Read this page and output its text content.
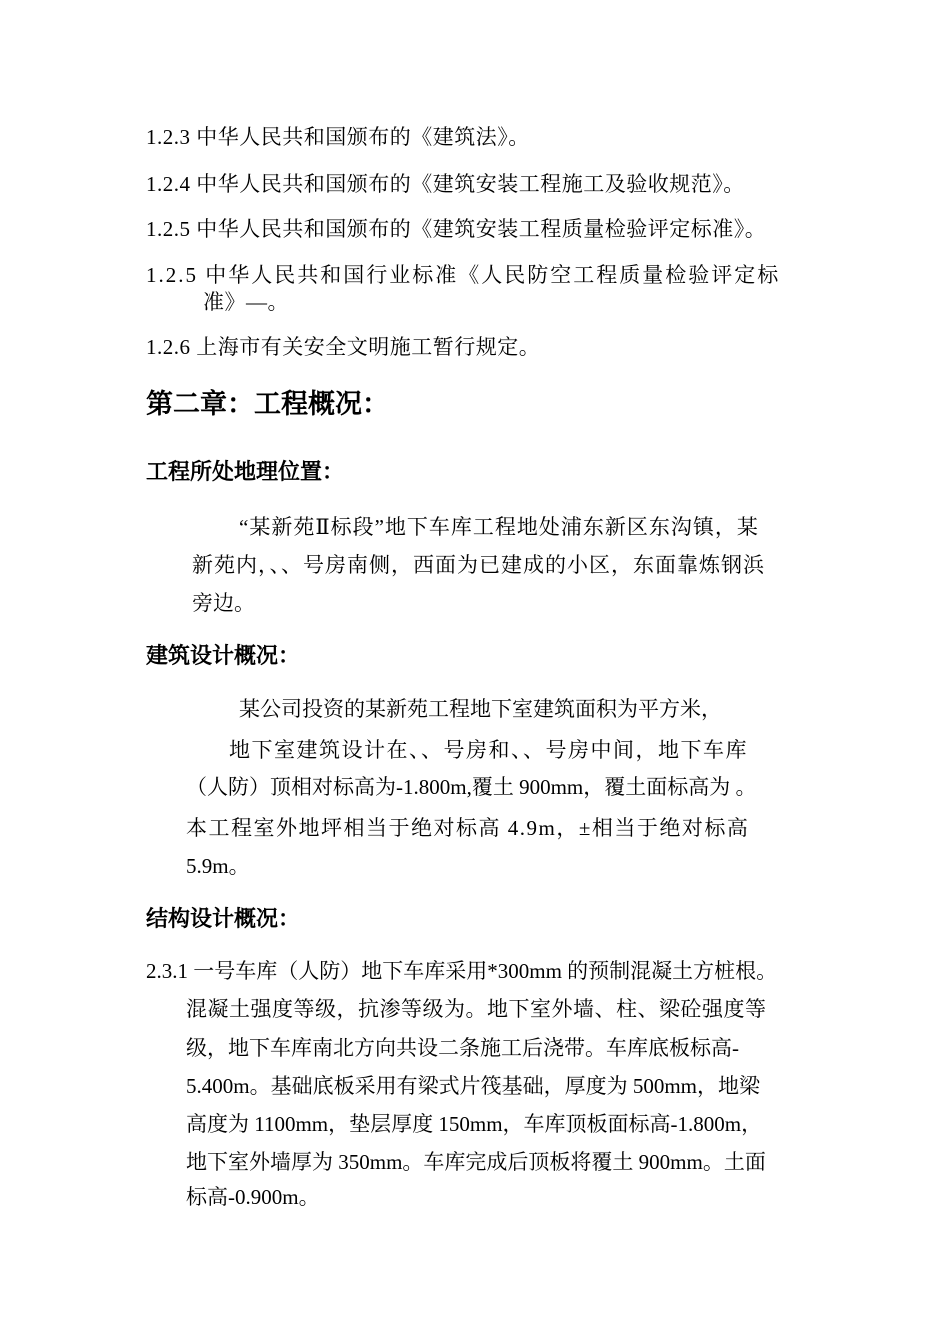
1.2.3 中华人民共和国颁布的《建筑法》。
1.2.4 中华人民共和国颁布的《建筑安装工程施工及验收规范》。
1.2.5 中华人民共和国颁布的《建筑安装工程质量检验评定标准》。
1.2.5 中华人民共和国行业标准《人民防空工程质量检验评定标
准》—。
1.2.6 上海市有关安全文明施工暂行规定。
第二章：工程概况：
工程所处地理位置：
“某新苑Ⅱ标段”地下车库工程地处浦东新区东沟镇，某
新苑内，、、号房南侧，西面为已建成的小区，东面靠炼钢浜
旁边。
建筑设计概况：
某公司投资的某新苑工程地下室建筑面积为平方米，
地下室建筑设计在、、号房和、、号房中间，地下车库
（人防）顶相对标高为-1.800m,覆土 900mm，覆土面标高为 。
本工程室外地坪相当于绝对标高 4.9m，±相当于绝对标高
5.9m。
结构设计概况：
2.3.1 一号车库（人防）地下车库采用*300mm 的预制混凝土方桩根。
混凝土强度等级，抗渗等级为。地下室外墙、柱、梁砼强度等
级，地下车库南北方向共设二条施工后浇带。车库底板标高-
5.400m。基础底板采用有梁式片筏基础，厚度为 500mm，地梁
高度为 1100mm，垫层厚度 150mm，车库顶板面标高-1.800m，
地下室外墙厚为 350mm。车库完成后顶板将覆土 900mm。土面
标高-0.900m。
